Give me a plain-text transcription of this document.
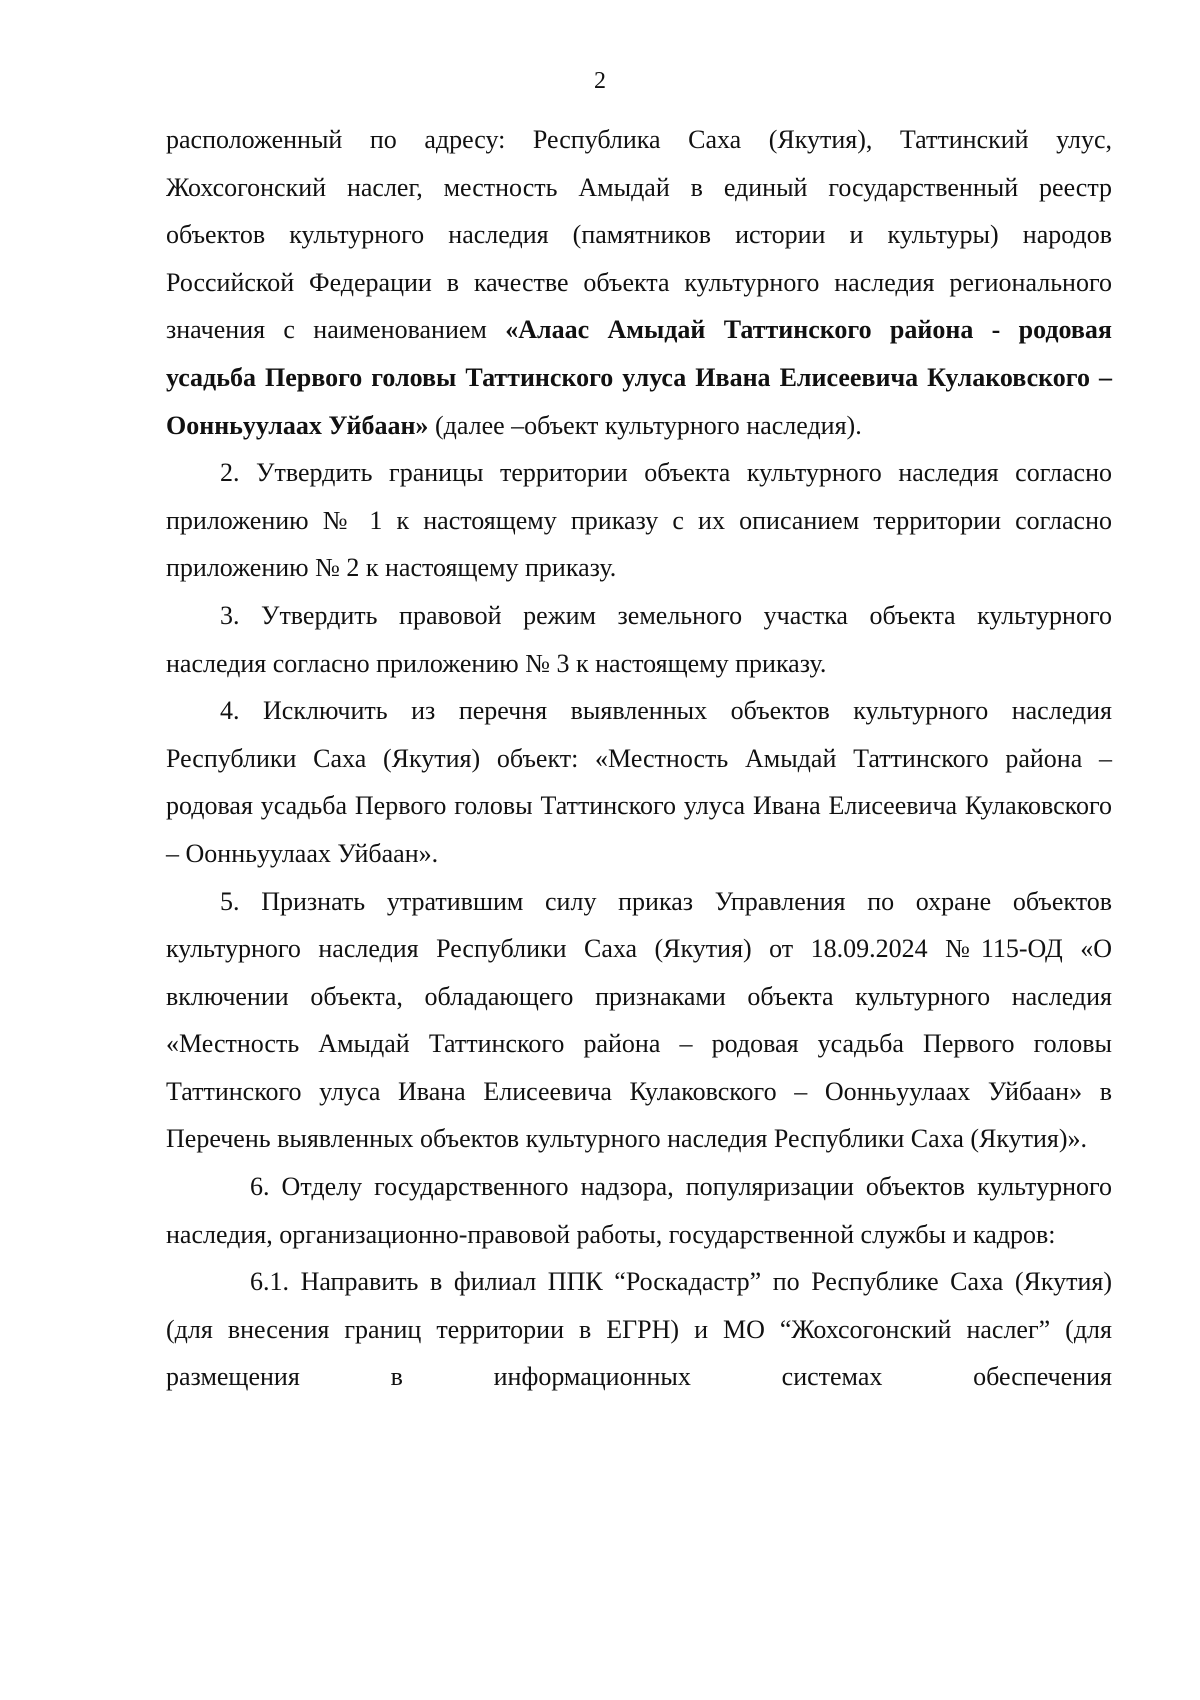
2

расположенный по адресу: Республика Саха (Якутия), Таттинский улус, Жохсогонский наслег, местность Амыдай в единый государственный реестр объектов культурного наследия (памятников истории и культуры) народов Российской Федерации в качестве объекта культурного наследия регионального значения с наименованием «Алаас Амыдай Таттинского района - родовая усадьба Первого головы Таттинского улуса Ивана Елисеевича Кулаковского – Оонньуулаах Уйбаан» (далее –объект культурного наследия).

2. Утвердить границы территории объекта культурного наследия согласно приложению № 1 к настоящему приказу с их описанием территории согласно приложению № 2 к настоящему приказу.

3. Утвердить правовой режим земельного участка объекта культурного наследия согласно приложению № 3 к настоящему приказу.

4. Исключить из перечня выявленных объектов культурного наследия Республики Саха (Якутия) объект: «Местность Амыдай Таттинского района – родовая усадьба Первого головы Таттинского улуса Ивана Елисеевича Кулаковского – Оонньуулаах Уйбаан».

5. Признать утратившим силу приказ Управления по охране объектов культурного наследия Республики Саха (Якутия) от 18.09.2024 №115-ОД «О включении объекта, обладающего признаками объекта культурного наследия «Местность Амыдай Таттинского района – родовая усадьба Первого головы Таттинского улуса Ивана Елисеевича Кулаковского – Оонньуулаах Уйбаан» в Перечень выявленных объектов культурного наследия Республики Саха (Якутия)».

6. Отделу государственного надзора, популяризации объектов культурного наследия, организационно-правовой работы, государственной службы и кадров:

6.1. Направить в филиал ППК “Роскадастр” по Республике Саха (Якутия) (для внесения границ территории в ЕГРН) и МО “Жохсогонский наслег” (для размещения в информационных системах обеспечения
